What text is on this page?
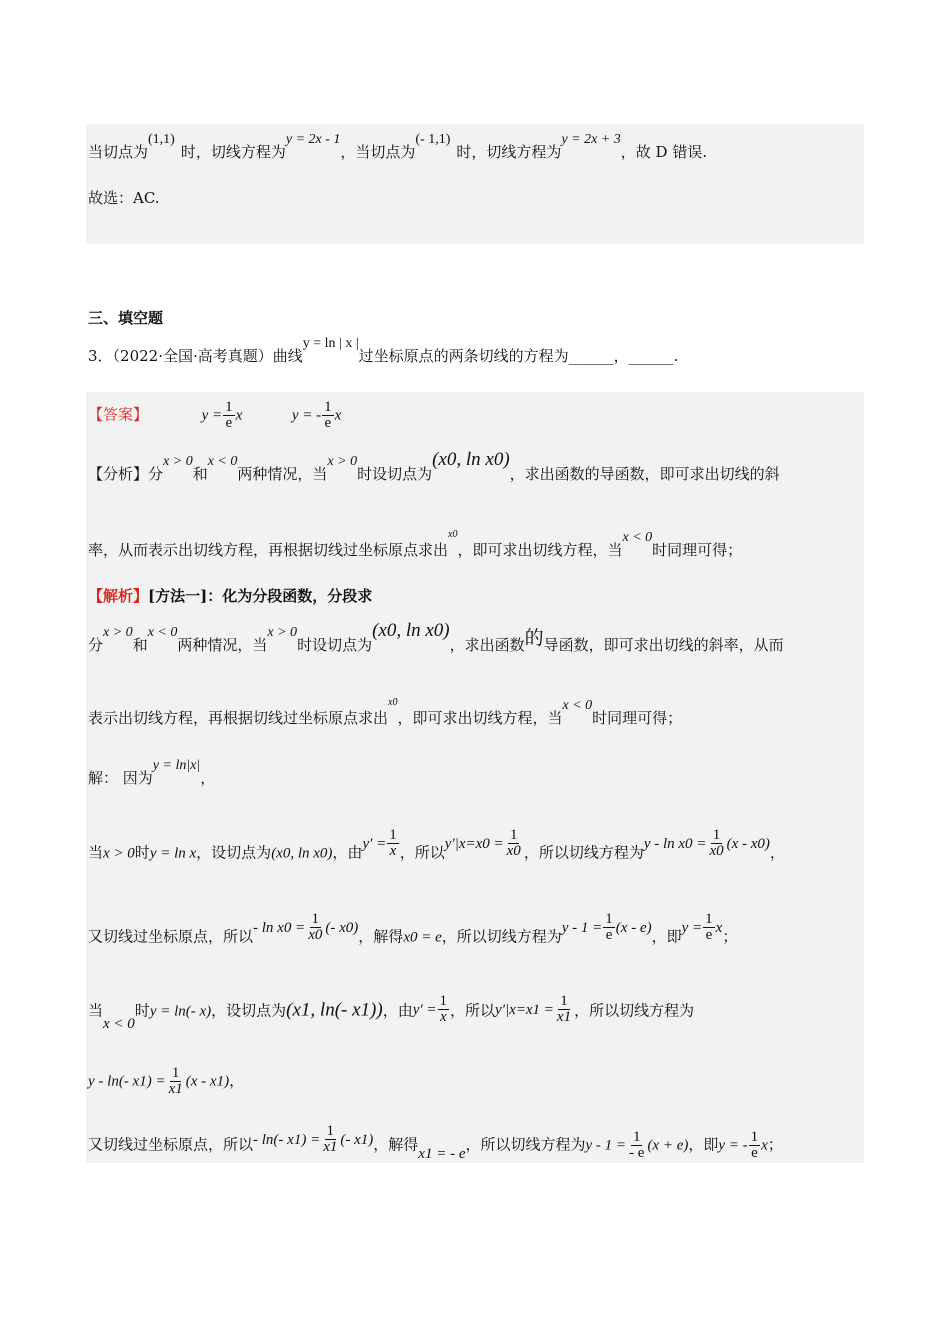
当切点为(1,1)时，切线方程为y = 2x - 1，当切点为(- 1,1)时，切线方程为y = 2x + 3，故 D 错误.
故选：AC.
三、填空题
3．（2022·全国·高考真题）曲线y = ln | x |过坐标原点的两条切线的方程为______，______.
【答案】	$y = \frac{1}{e}$ x	y = - $\frac{1}{e}$ x
【分析】分x > 0和x < 0两种情况，当x > 0时设切点为(x0, ln x0)，求出函数的导函数，即可求出切线的斜
率，从而表示出切线方程，再根据切线过坐标原点求出$^{x0}$，即可求出切线方程，当x < 0时同理可得；
【解析】[方法一]：化为分段函数，分段求
分x > 0和x < 0两种情况，当x > 0时设切点为(x0, ln x0)，求出函数的导函数，即可求出切线的斜率，从而
表示出切线方程，再根据切线过坐标原点求出$^{x0}$，即可求出切线方程，当x < 0时同理可得；
解： 因为y = ln|x|，
当x > 0时y = ln x，设切点为(x0, ln x0)，由$y' = \frac{1}{x}$ ，所以$y'|x=x0 = \frac{1}{x0}$ ，所以切线方程为$y - \ln x0 = \frac{1}{x0} (x - x0)$，
又切线过坐标原点，所以- $\ln x0 = \frac{1}{x0}$ (- x0)，解得x0 = e，所以切线方程为$y - 1 = \frac{1}{e} (x - e)$，即$y = \frac{1}{e}$ x；
当x < 0时y = ln(- x)，设切点为(x1, ln(- x1))，由$y' = \frac{1}{x}$ ，所以$y'|x=x1 = \frac{1}{x1}$ ，所以切线方程为
y - ln(- $x1) = \frac{1}{x1} (x - x1)$，
又切线过坐标原点，所以- ln(- $x1) = \frac{1}{x1}$ (- x1)，解得x1 = - e，所以切线方程为$y - 1 = \frac{1}{- e} (x + e)$，即y = - $\frac{1}{e}$ x；
